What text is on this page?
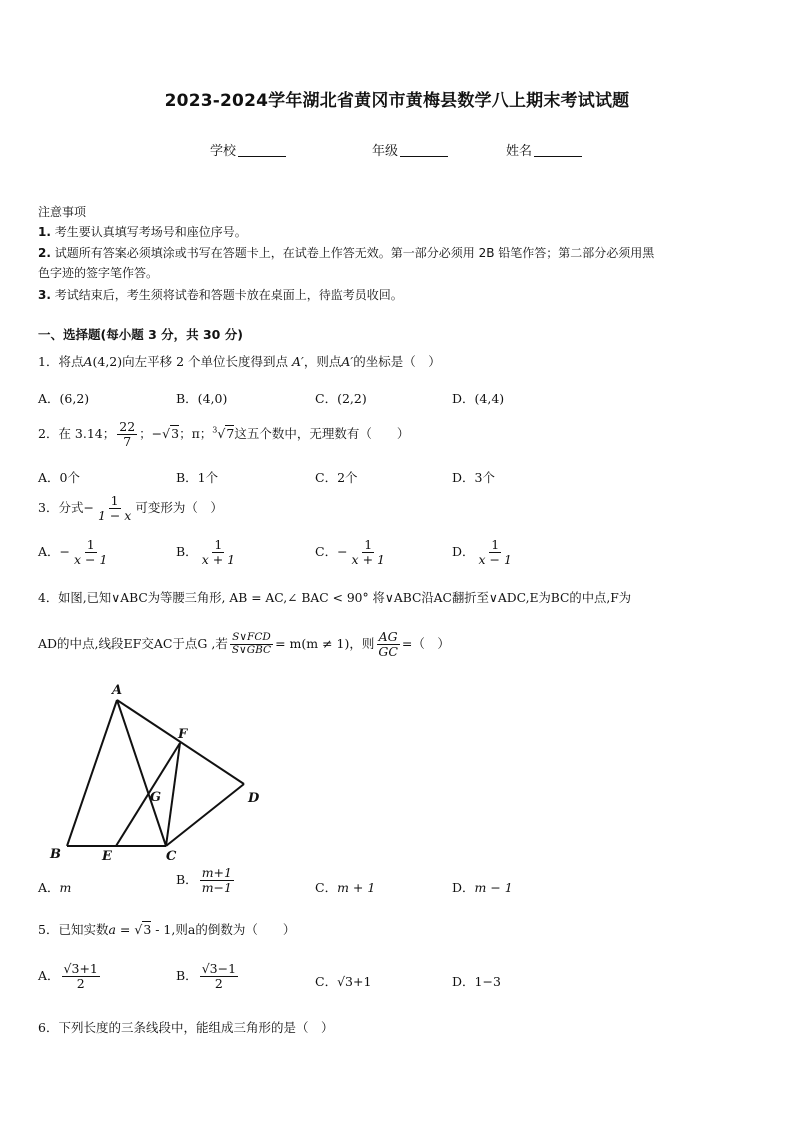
2023-2024学年湖北省黄冈市黄梅县数学八上期末考试试题
学校	年级	姓名
注意事项
1. 考生要认真填写考场号和座位序号。
2. 试题所有答案必须填涂或书写在答题卡上，在试卷上作答无效。第一部分必须用 2B 铅笔作答；第二部分必须用黑
色字迹的签字笔作答。
3. 考试结束后，考生须将试卷和答题卡放在桌面上，待监考员收回。
一、选择题(每小题 3 分，共 30 分)
1．将点A(4,2)向左平移 2 个单位长度得到点 A′，则点A′的坐标是（　）
A．(6,2)	B．(4,0)	C．(2,2)	D．(4,4)
2．在 3.14； $\frac{22}{7}$ ；−√3；π；$^3$√7这五个数中，无理数有（　　）
A．0个	B．1个	C．2个	D．3个
3．分式− $\frac{1}{1 - x}$ 可变形为（　）
A．− $\frac{1}{x - 1}$	B． $\frac{1}{x + 1}$	C．− $\frac{1}{x + 1}$	D． $\frac{1}{x - 1}$
4．如图,已知∨ABC为等腰三角形, AB = AC,∠ BAC < 90° 将∨ABC沿AC翻折至∨ADC,E为BC的中点,F为
AD的中点,线段EF交AC于点G ,若 $\frac{\text{S∨FCD}}{\text{S∨GBC}} = m(m \ne 1)$，则 $\frac{AG}{GC}$ =（　）
A
B	C
D
E
F
G
A．m
B． $\frac{m+1}{m-1}$	C．m + 1	D．m − 1
5．已知实数a = √3 - 1,则a的倒数为（　　）
A． $\frac{√3+1}{2}$	B． $\frac{√3-1}{2}$	C．√3+1	D．1−3
6．下列长度的三条线段中，能组成三角形的是（　）
